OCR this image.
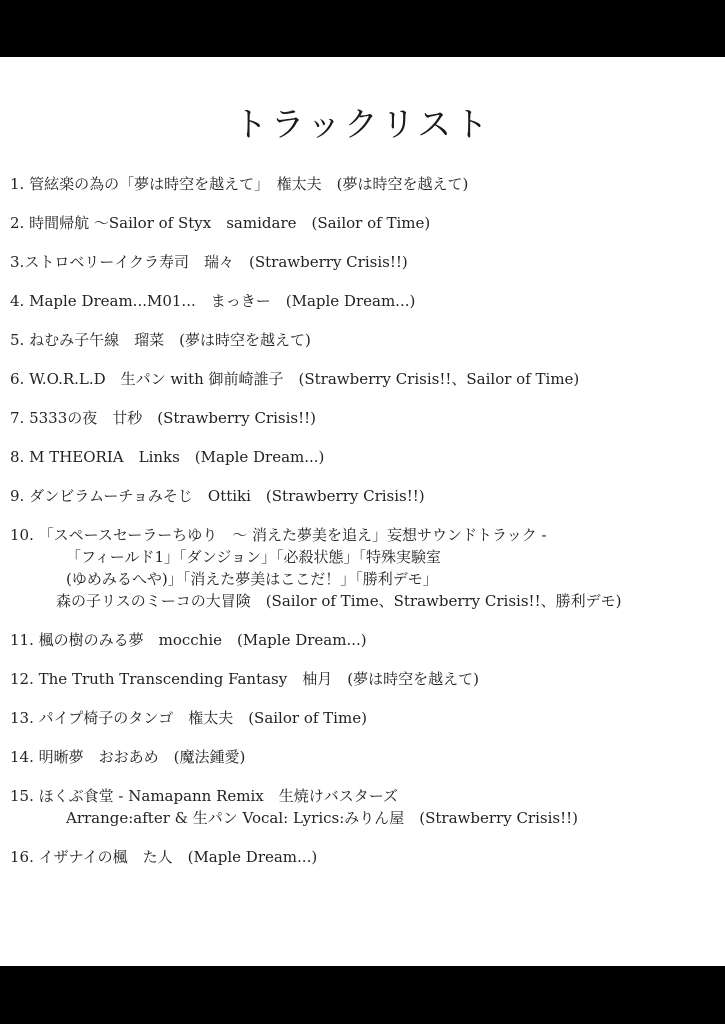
トラックリスト
1. 管絃楽の為の「夢は時空を越えて」　権太夫　(夢は時空を越えて)
2. 時間帰航 〜Sailor of Styx　samidare　(Sailor of Time)
3.ストロベリーイクラ寿司　瑞々　(Strawberry Crisis!!)
4. Maple Dream...M01...　まっきー　(Maple Dream...)
5. ねむみ子午線　瑠菜　(夢は時空を越えて)
6. W.O.R.L.D　生パン with 御前崎誰子　(Strawberry Crisis!!、Sailor of Time)
7. 5333の夜　廿秒　(Strawberry Crisis!!)
8. M THEORIA　Links　(Maple Dream...)
9. ダンビラムーチョみそじ　Ottiki　(Strawberry Crisis!!)
10. 「スペースセーラーちゆり　〜 消えた夢美を追え」妄想サウンドトラック -
「フィールド1」「ダンジョン」「必殺状態」「特殊実験室
(ゆめみるへや)」「消えた夢美はここだ！」「勝利デモ」
森の子リスのミーコの大冒険　(Sailor of Time、Strawberry Crisis!!、勝利デモ)
11. 楓の樹のみる夢　mocchie　(Maple Dream...)
12. The Truth Transcending Fantasy　柚月　(夢は時空を越えて)
13. パイプ椅子のタンゴ　権太夫　(Sailor of Time)
14. 明晰夢　おおあめ　(魔法鍾愛)
15. ほくぶ食堂 - Namapann Remix　生焼けバスターズ
Arrange:after & 生パン Vocal: Lyrics:みりん屋　(Strawberry Crisis!!)
16. イザナイの楓　た人　(Maple Dream...)
